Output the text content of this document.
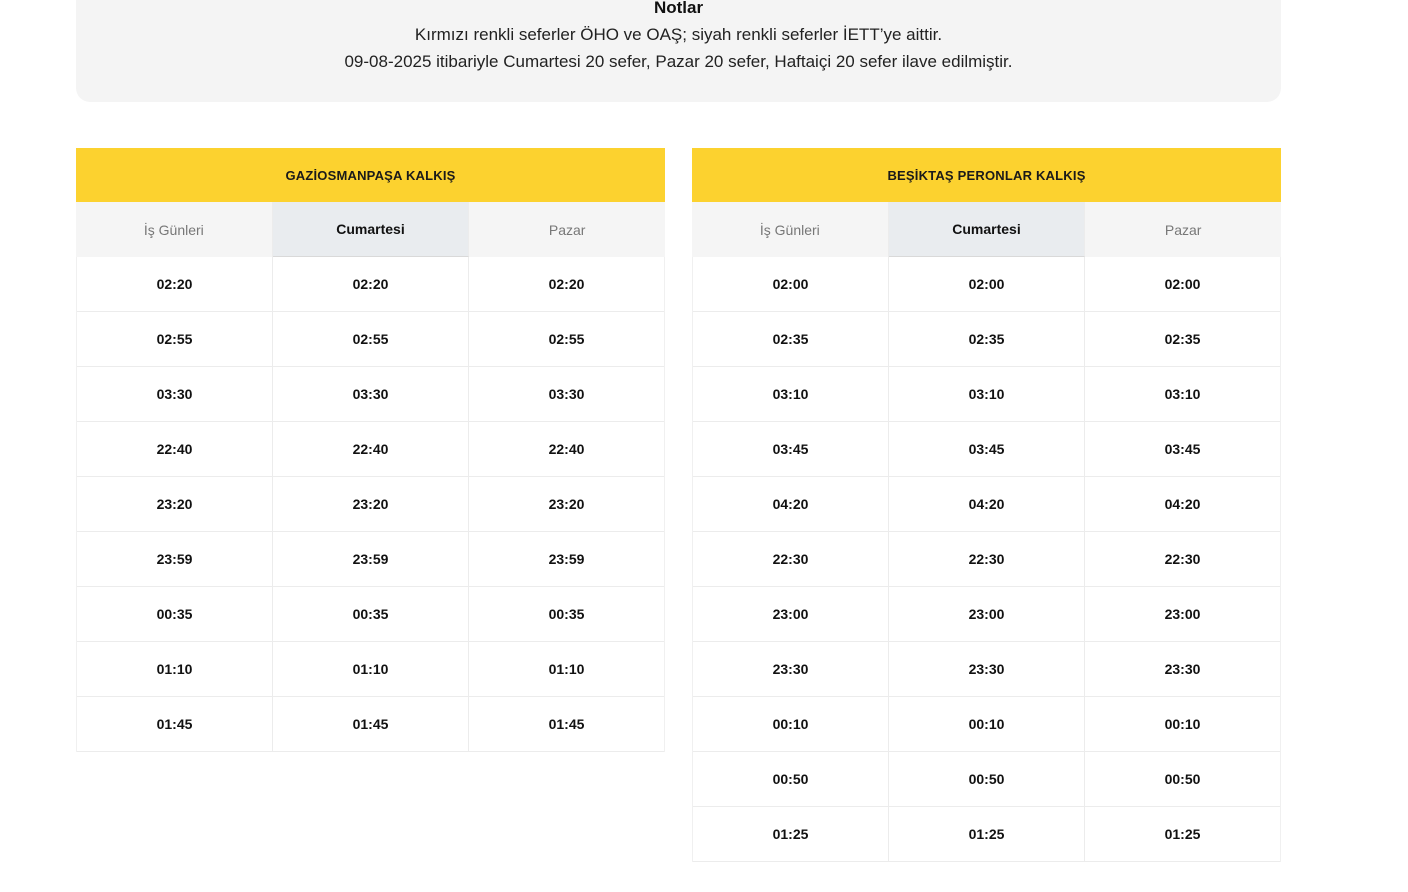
Notlar
Kırmızı renkli seferler ÖHO ve OAŞ; siyah renkli seferler İETT’ye aittir.
09-08-2025 itibariyle Cumartesi 20 sefer, Pazar 20 sefer, Haftaiçi 20 sefer ilave edilmiştir.
GAZİOSMANPAŞA KALKIŞ
İş Günleri	Cumartesi	Pazar
02:20	02:20	02:20
02:55	02:55	02:55
03:30	03:30	03:30
22:40	22:40	22:40
23:20	23:20	23:20
23:59	23:59	23:59
00:35	00:35	00:35
01:10	01:10	01:10
01:45	01:45	01:45
BEŞİKTAŞ PERONLAR KALKIŞ
İş Günleri	Cumartesi	Pazar
02:00	02:00	02:00
02:35	02:35	02:35
03:10	03:10	03:10
03:45	03:45	03:45
04:20	04:20	04:20
22:30	22:30	22:30
23:00	23:00	23:00
23:30	23:30	23:30
00:10	00:10	00:10
00:50	00:50	00:50
01:25	01:25	01:25
